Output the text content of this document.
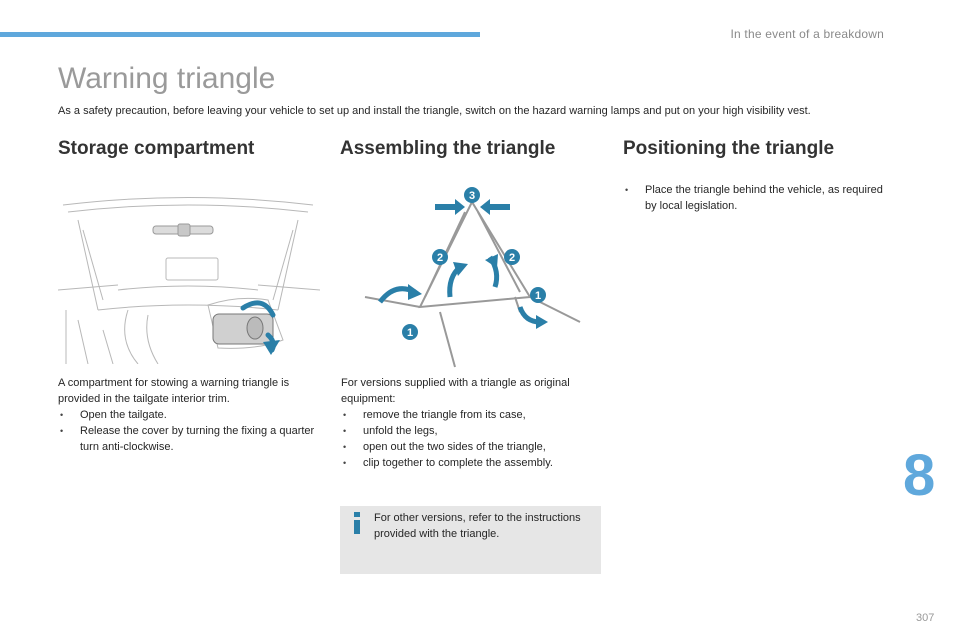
In the event of a breakdown
Warning triangle
As a safety precaution, before leaving your vehicle to set up and install the triangle, switch on the hazard warning lamps and put on your high visibility vest.
Storage compartment	Assembling the triangle	Positioning the triangle
3
2	2
1
1
A compartment for stowing a warning triangle is provided in the tailgate interior trim.
• Open the tailgate.
• Release the cover by turning the fixing a quarter turn anti-clockwise.
For versions supplied with a triangle as original equipment:
• remove the triangle from its case,
• unfold the legs,
• open out the two sides of the triangle,
• clip together to complete the assembly.
• Place the triangle behind the vehicle, as required by local legislation.
For other versions, refer to the instructions provided with the triangle.
8
307
